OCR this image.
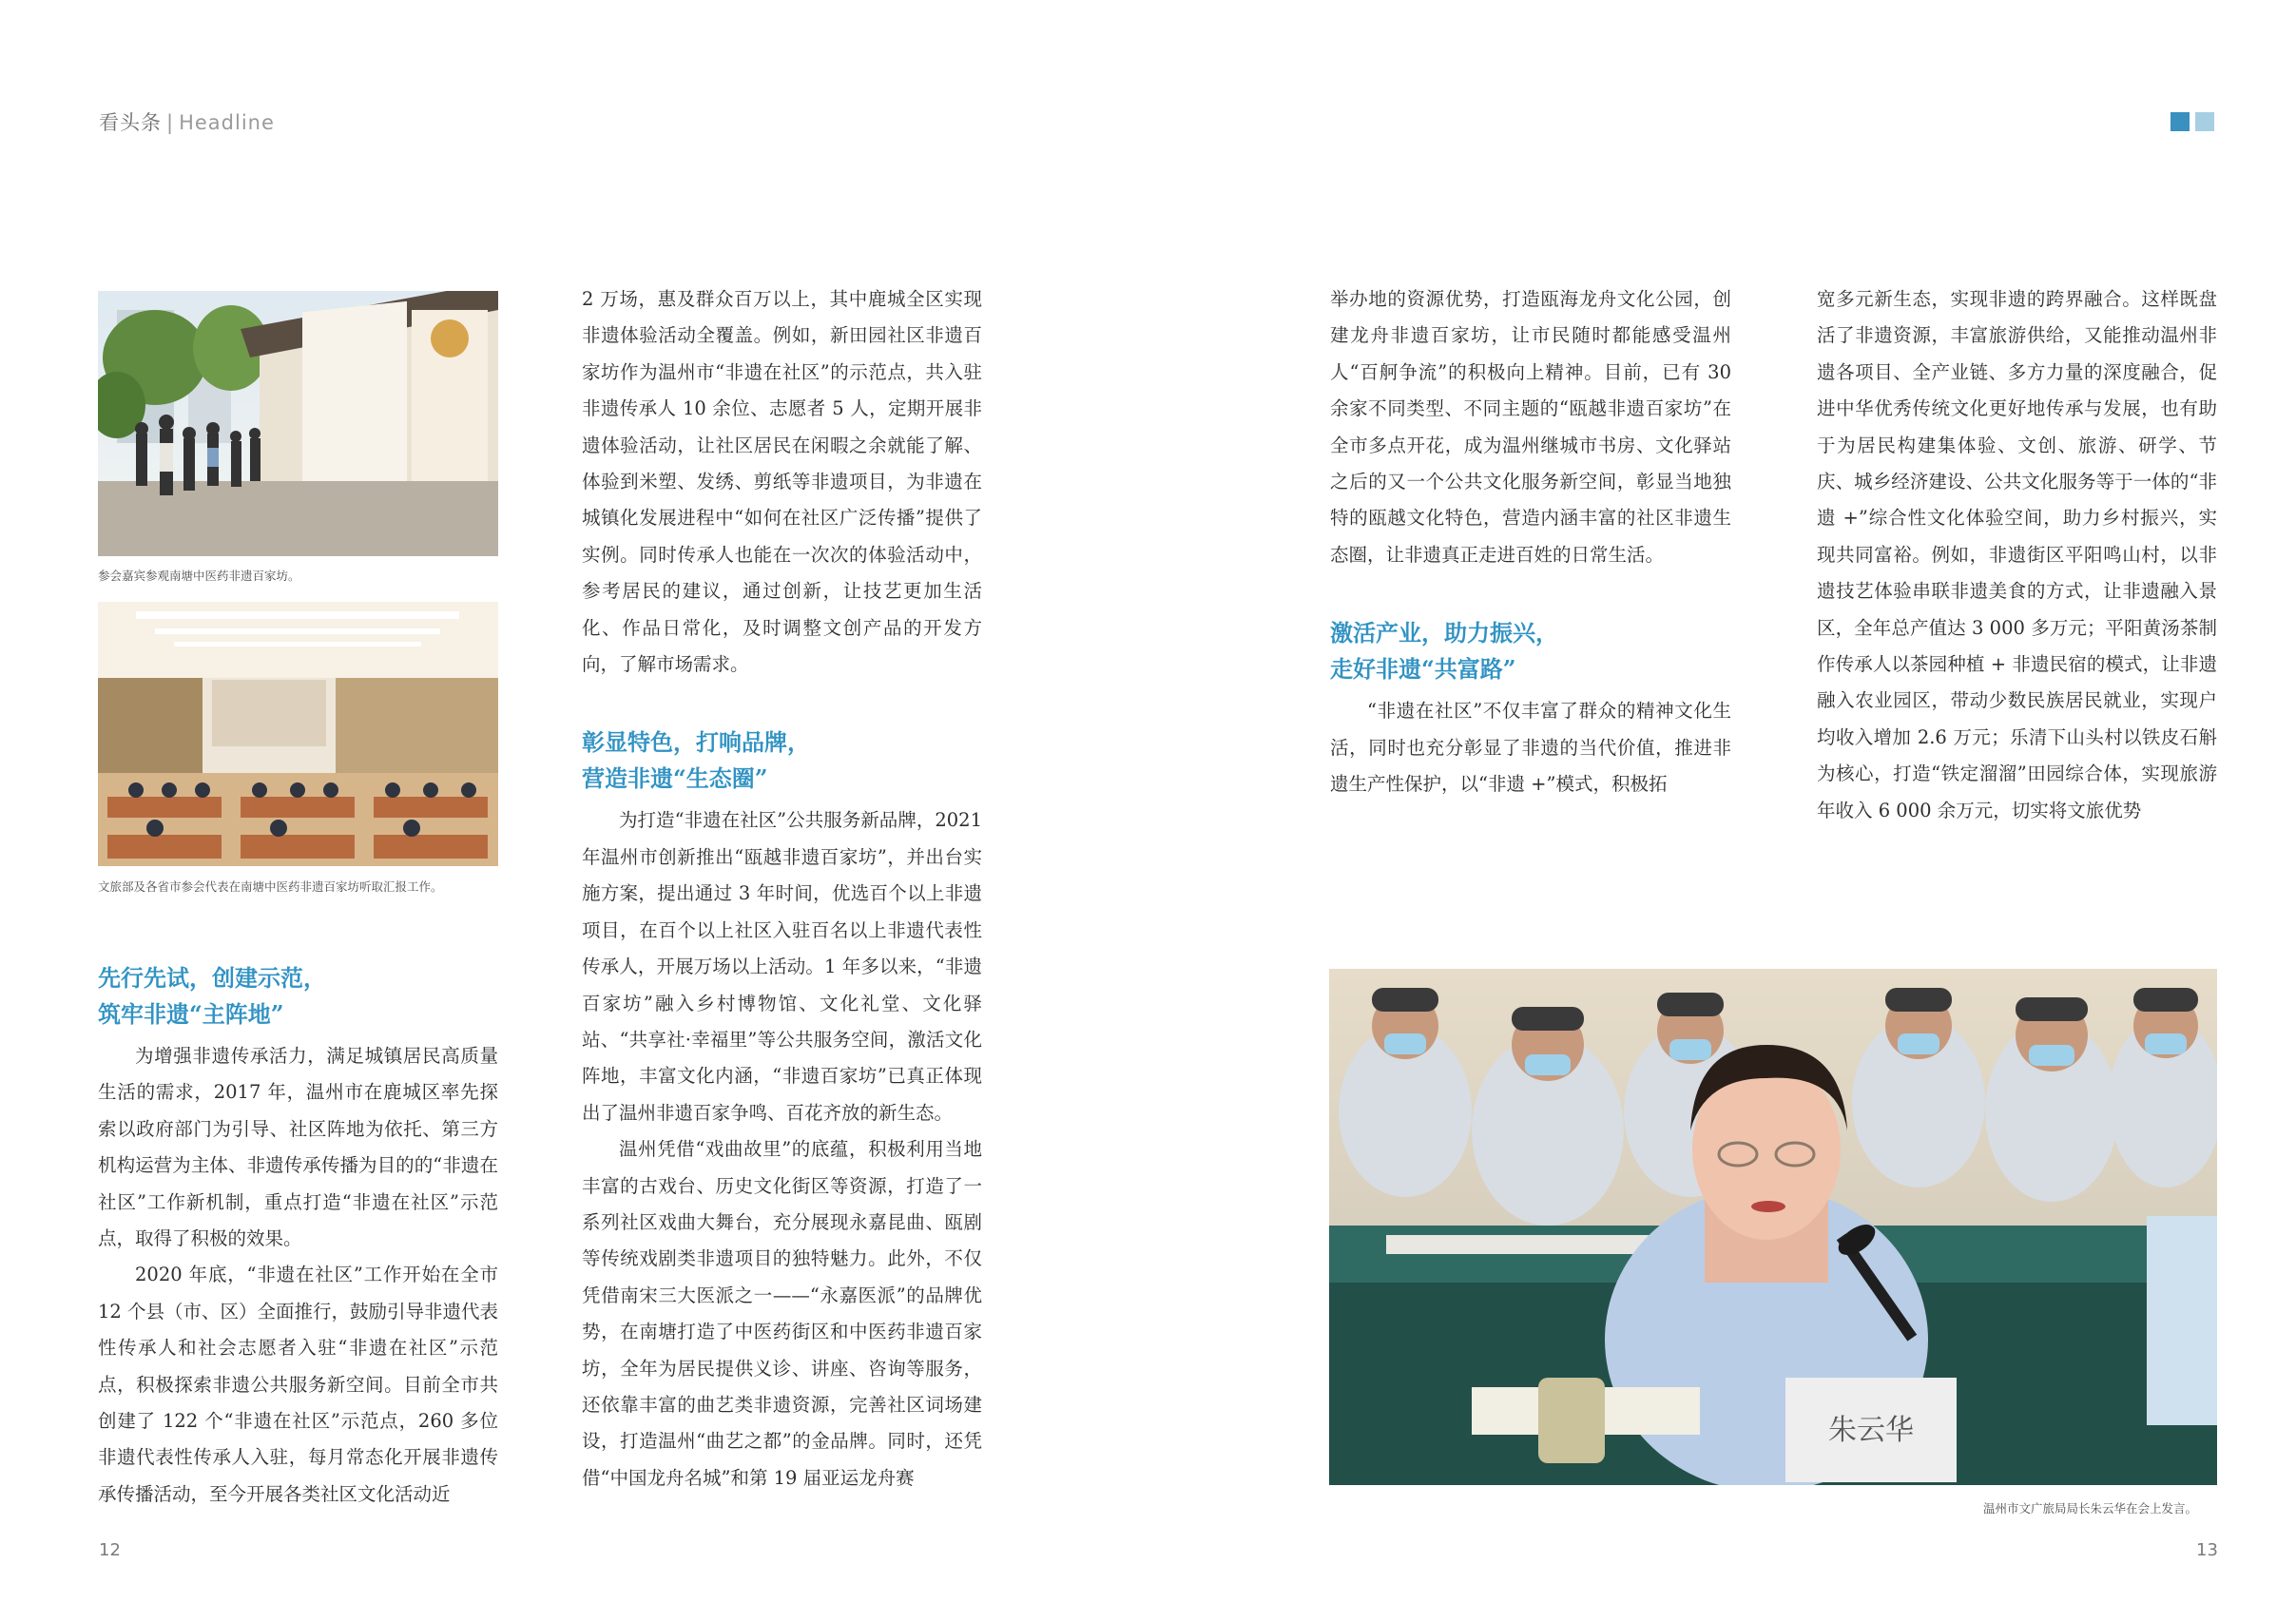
看头条 | Headline
参会嘉宾参观南塘中医药非遗百家坊。
文旅部及各省市参会代表在南塘中医药非遗百家坊听取汇报工作。
先行先试，创建示范，
筑牢非遗“主阵地”

为增强非遗传承活力，满足城镇居民高质量生活的需求，2017 年，温州市在鹿城区率先探索以政府部门为引导、社区阵地为依托、第三方机构运营为主体、非遗传承传播为目的的“非遗在社区”工作新机制，重点打造“非遗在社区”示范点，取得了积极的效果。

2020 年底，“非遗在社区”工作开始在全市 12 个县（市、区）全面推行，鼓励引导非遗代表性传承人和社会志愿者入驻“非遗在社区”示范点，积极探索非遗公共服务新空间。目前全市共创建了 122 个“非遗在社区”示范点，260 多位非遗代表性传承人入驻，每月常态化开展非遗传承传播活动，至今开展各类社区文化活动近

2 万场，惠及群众百万以上，其中鹿城全区实现非遗体验活动全覆盖。例如，新田园社区非遗百家坊作为温州市“非遗在社区”的示范点，共入驻非遗传承人 10 余位、志愿者 5 人，定期开展非遗体验活动，让社区居民在闲暇之余就能了解、体验到米塑、发绣、剪纸等非遗项目，为非遗在城镇化发展进程中“如何在社区广泛传播”提供了实例。同时传承人也能在一次次的体验活动中，参考居民的建议，通过创新，让技艺更加生活化、作品日常化，及时调整文创产品的开发方向，了解市场需求。

彰显特色，打响品牌，
营造非遗“生态圈”

为打造“非遗在社区”公共服务新品牌，2021 年温州市创新推出“瓯越非遗百家坊”，并出台实施方案，提出通过 3 年时间，优选百个以上非遗项目，在百个以上社区入驻百名以上非遗代表性传承人，开展万场以上活动。1 年多以来，“非遗百家坊”融入乡村博物馆、文化礼堂、文化驿站、“共享社·幸福里”等公共服务空间，激活文化阵地，丰富文化内涵，“非遗百家坊”已真正体现出了温州非遗百家争鸣、百花齐放的新生态。

温州凭借“戏曲故里”的底蕴，积极利用当地丰富的古戏台、历史文化街区等资源，打造了一系列社区戏曲大舞台，充分展现永嘉昆曲、瓯剧等传统戏剧类非遗项目的独特魅力。此外，不仅凭借南宋三大医派之一——“永嘉医派”的品牌优势，在南塘打造了中医药街区和中医药非遗百家坊，全年为居民提供义诊、讲座、咨询等服务，还依靠丰富的曲艺类非遗资源，完善社区词场建设，打造温州“曲艺之都”的金品牌。同时，还凭借“中国龙舟名城”和第 19 届亚运龙舟赛

举办地的资源优势，打造瓯海龙舟文化公园，创建龙舟非遗百家坊，让市民随时都能感受温州人“百舸争流”的积极向上精神。目前，已有 30 余家不同类型、不同主题的“瓯越非遗百家坊”在全市多点开花，成为温州继城市书房、文化驿站之后的又一个公共文化服务新空间，彰显当地独特的瓯越文化特色，营造内涵丰富的社区非遗生态圈，让非遗真正走进百姓的日常生活。

激活产业，助力振兴，
走好非遗“共富路”

“非遗在社区”不仅丰富了群众的精神文化生活，同时也充分彰显了非遗的当代价值，推进非遗生产性保护，以“非遗 +”模式，积极拓

宽多元新生态，实现非遗的跨界融合。这样既盘活了非遗资源，丰富旅游供给，又能推动温州非遗各项目、全产业链、多方力量的深度融合，促进中华优秀传统文化更好地传承与发展，也有助于为居民构建集体验、文创、旅游、研学、节庆、城乡经济建设、公共文化服务等于一体的“非遗 +”综合性文化体验空间，助力乡村振兴，实现共同富裕。例如，非遗街区平阳鸣山村，以非遗技艺体验串联非遗美食的方式，让非遗融入景区，全年总产值达 3 000 多万元；平阳黄汤茶制作传承人以茶园种植 + 非遗民宿的模式，让非遗融入农业园区，带动少数民族居民就业，实现户均收入增加 2.6 万元；乐清下山头村以铁皮石斛为核心，打造“铁定溜溜”田园综合体，实现旅游年收入 6 000 余万元，切实将文旅优势

朱云华
温州市文广旅局局长朱云华在会上发言。
12	13
